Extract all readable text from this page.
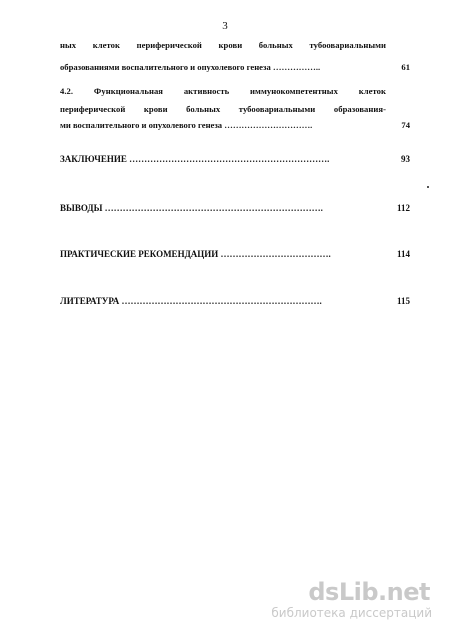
3
ных клеток периферической крови больных тубоовариальными
образованиями воспалительного и опухолевого генеза ……………..	61
4.2. Функциональная активность иммунокомпетентных клеток
периферической крови больных тубоовариальными образования-
ми воспалительного и опухолевого генеза ………………………….	74
ЗАКЛЮЧЕНИЕ ………………………………………………………….	93
ВЫВОДЫ ……………………………………………………………….	112
ПРАКТИЧЕСКИЕ РЕКОМЕНДАЦИИ ……………………………….	114
ЛИТЕРАТУРА ………………………………………………………….	115
dsLib.net
библиотека диссертаций
